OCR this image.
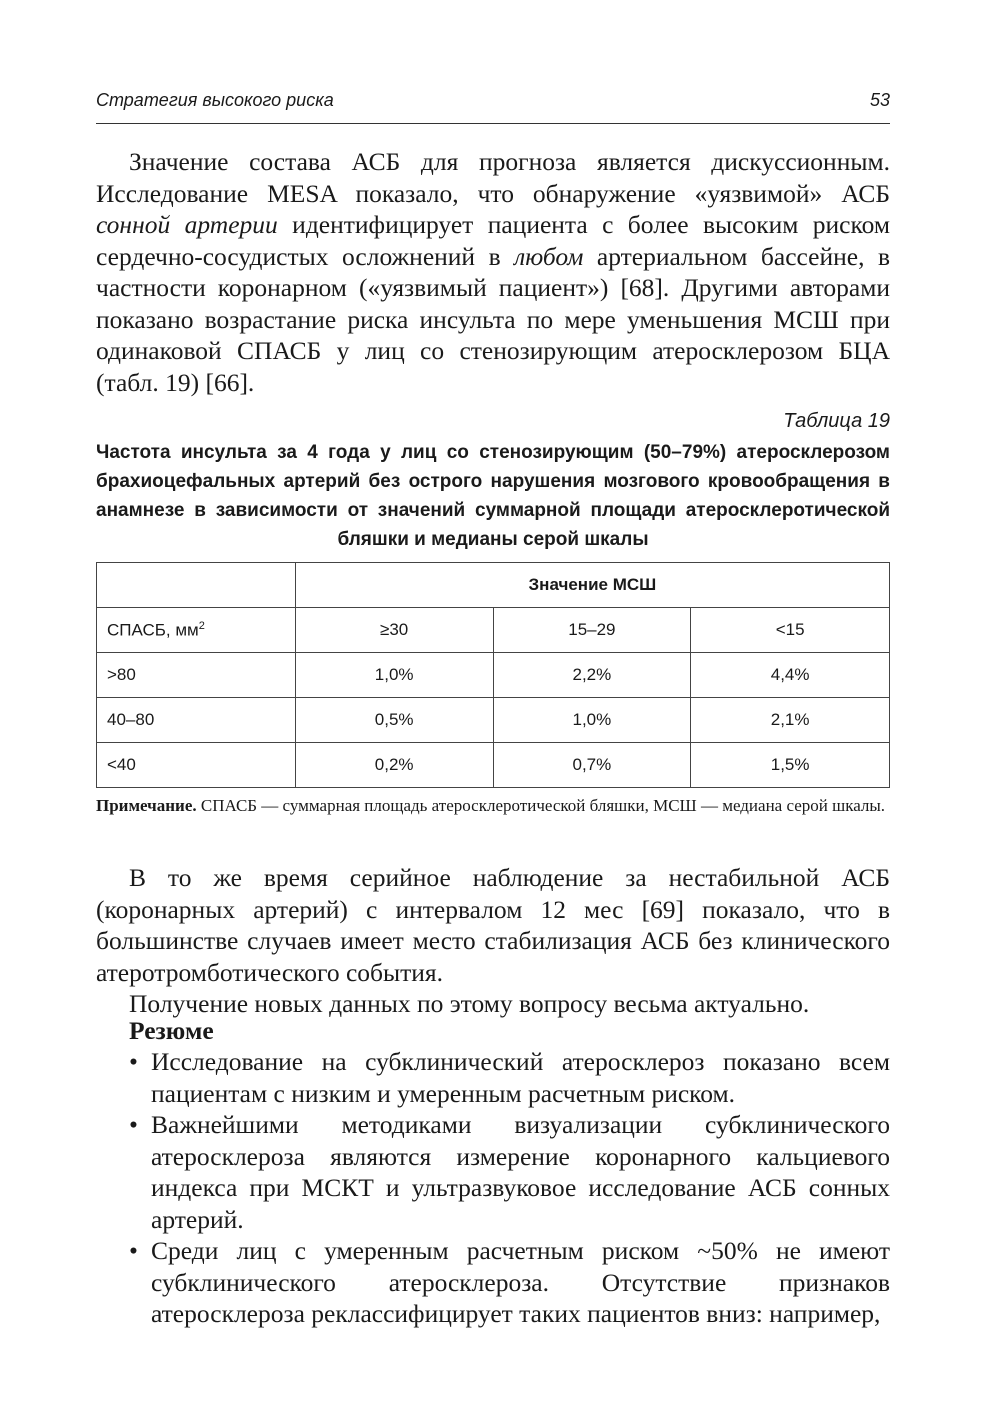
Стратегия высокого риска	53

Значение состава АСБ для прогноза является дискуссионным. Исследование MESA показало, что обнаружение «уязвимой» АСБ сонной артерии идентифицирует пациента с более высоким риском сердечно-сосудистых осложнений в любом артериальном бассейне, в частности коронарном («уязвимый пациент») [68]. Другими авторами показано возрастание риска инсульта по мере уменьшения МСШ при одинаковой СПАСБ у лиц со стенозирующим атеросклерозом БЦА (табл. 19) [66].

Таблица 19
Частота инсульта за 4 года у лиц со стенозирующим (50–79%) атеросклерозом брахиоцефальных артерий без острого нарушения мозгового кровообращения в анамнезе в зависимости от значений суммарной площади атеросклеротической бляшки и медианы серой шкалы
	Значение МСШ		
СПАСБ, $мм^2$	≥30	15–29	<15
>80	1,0%	2,2%	4,4%
40–80	0,5%	1,0%	2,1%
<40	0,2%	0,7%	1,5%

Примечание. СПАСБ — суммарная площадь атеросклеротической бляшки, МСШ — медиана серой шкалы.

В то же время серийное наблюдение за нестабильной АСБ (коронарных артерий) с интервалом 12 мес [69] показало, что в большинстве случаев имеет место стабилизация АСБ без клинического атеротромботического события.

Получение новых данных по этому вопросу весьма актуально.

Резюме
• Исследование на субклинический атеросклероз показано всем пациентам с низким и умеренным расчетным риском.
• Важнейшими методиками визуализации субклинического атеросклероза являются измерение коронарного кальциевого индекса при МСКТ и ультразвуковое исследование АСБ сонных артерий.
• Среди лиц с умеренным расчетным риском ~50% не имеют субклинического атеросклероза. Отсутствие признаков атеросклероза реклассифицирует таких пациентов вниз: например,
